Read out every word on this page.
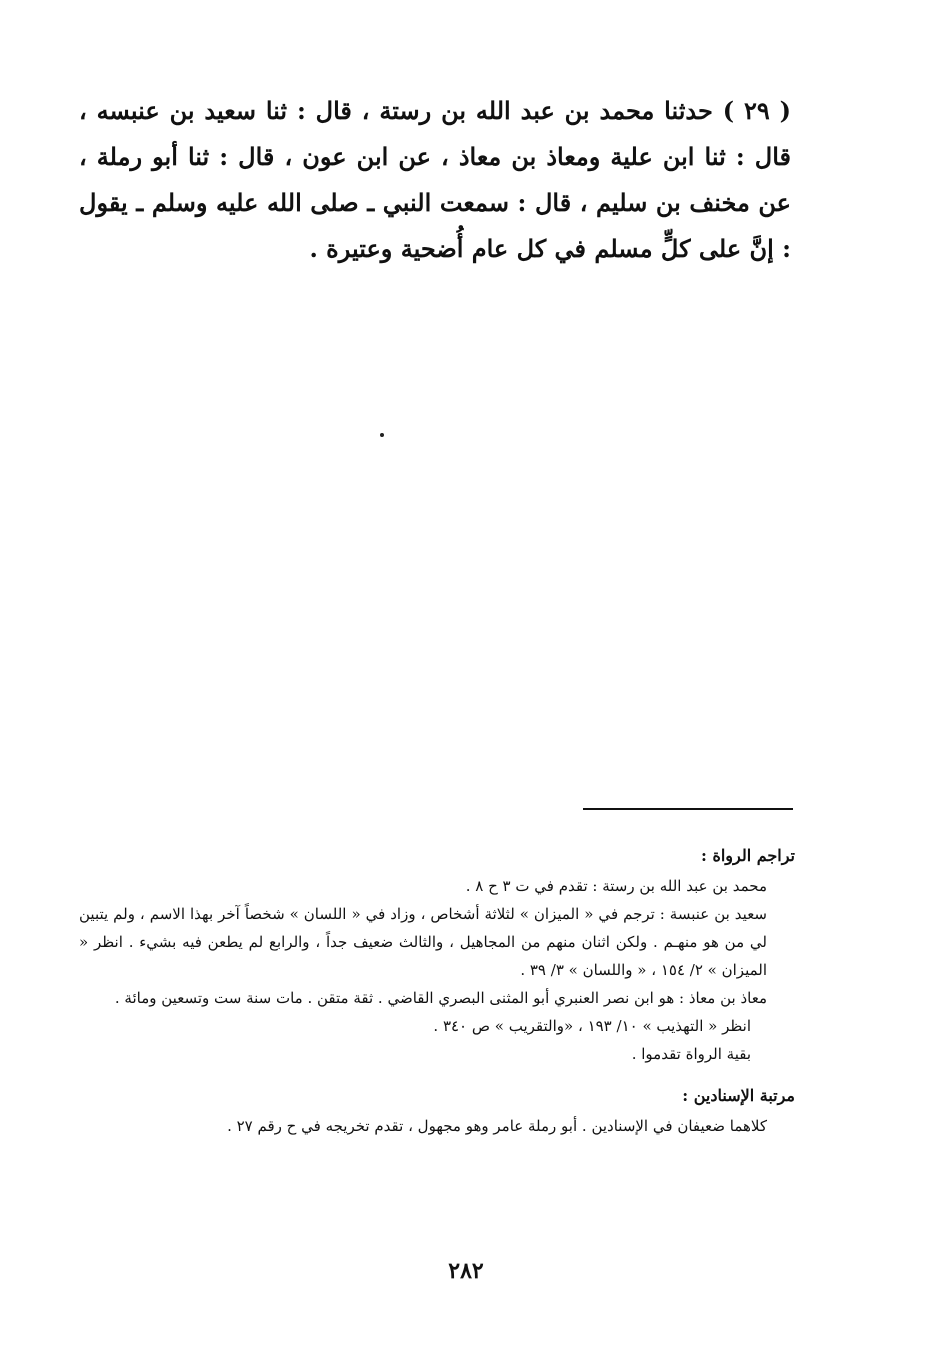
( ٢٩ ) حدثنا محمد بن عبد الله بن رستة ، قال : ثنا سعيد بن عنبسه ، قال : ثنا ابن علية ومعاذ بن معاذ ، عن ابن عون ، قال : ثنا أبو رملة ، عن مخنف بن سليم ، قال : سمعت النبي ـ صلى الله عليه وسلم ـ يقول : إنَّ على كلٍّ مسلم في كل عام أُضحية وعتيرة .

تراجم الرواة :

محمد بن عبد الله بن رستة : تقدم في ت ٣ ح ٨ .

سعيد بن عنبسة : ترجم في « الميزان » لثلاثة أشخاص ، وزاد في « اللسان » شخصاً آخر بهذا الاسم ، ولم يتبين لي من هو منهـم . ولكن اثنان منهم من المجاهيل ، والثالث ضعيف جداً ، والرابع لم يطعن فيه بشيء . انظر « الميزان » ٢/ ١٥٤ ، « واللسان » ٣/ ٣٩ .

معاذ بن معاذ : هو ابن نصر العنبري أبو المثنى البصري القاضي . ثقة متقن . مات سنة ست وتسعين ومائة .

انظر « التهذيب » ١٠/ ١٩٣ ، «والتقريب » ص ٣٤٠ .

بقية الرواة تقدموا .

مرتبة الإسنادين :

كلاهما ضعيفان في الإسنادين . أبو رملة عامر وهو مجهول ، تقدم تخريجه في ح رقم ٢٧ .

٢٨٢
